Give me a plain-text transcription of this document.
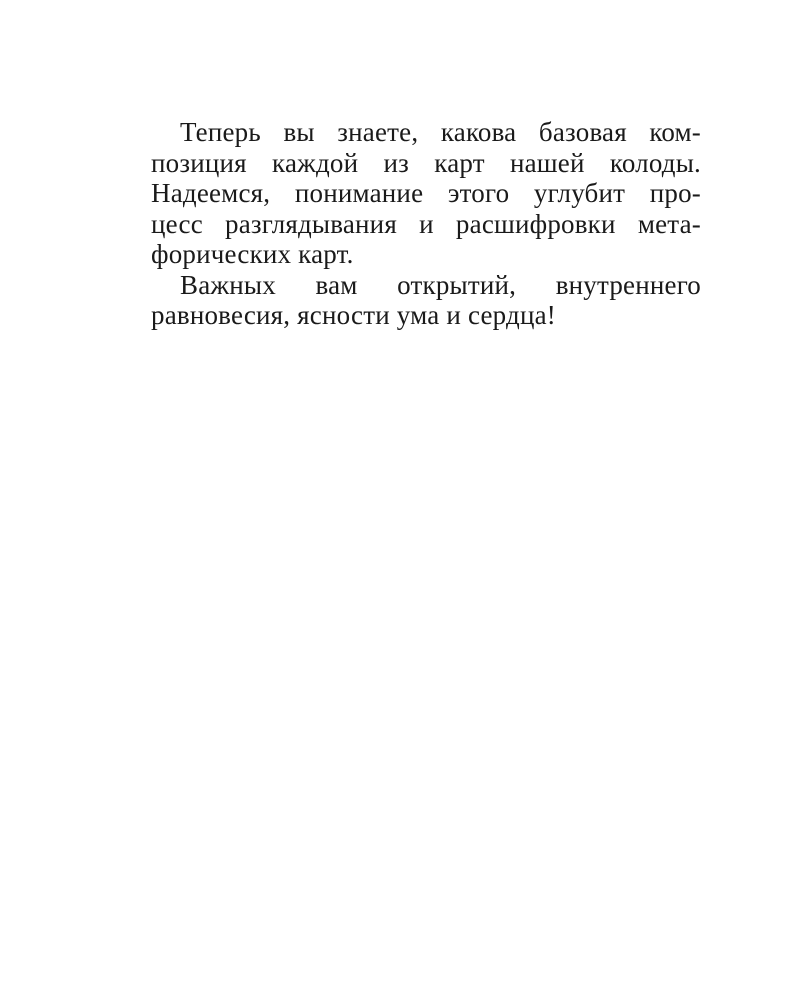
Теперь вы знаете, какова базовая ком-
позиция каждой из карт нашей колоды.
Надеемся, понимание этого углубит про-
цесс разглядывания и расшифровки мета-
форических карт.
Важных вам открытий, внутреннего
равновесия, ясности ума и сердца!
